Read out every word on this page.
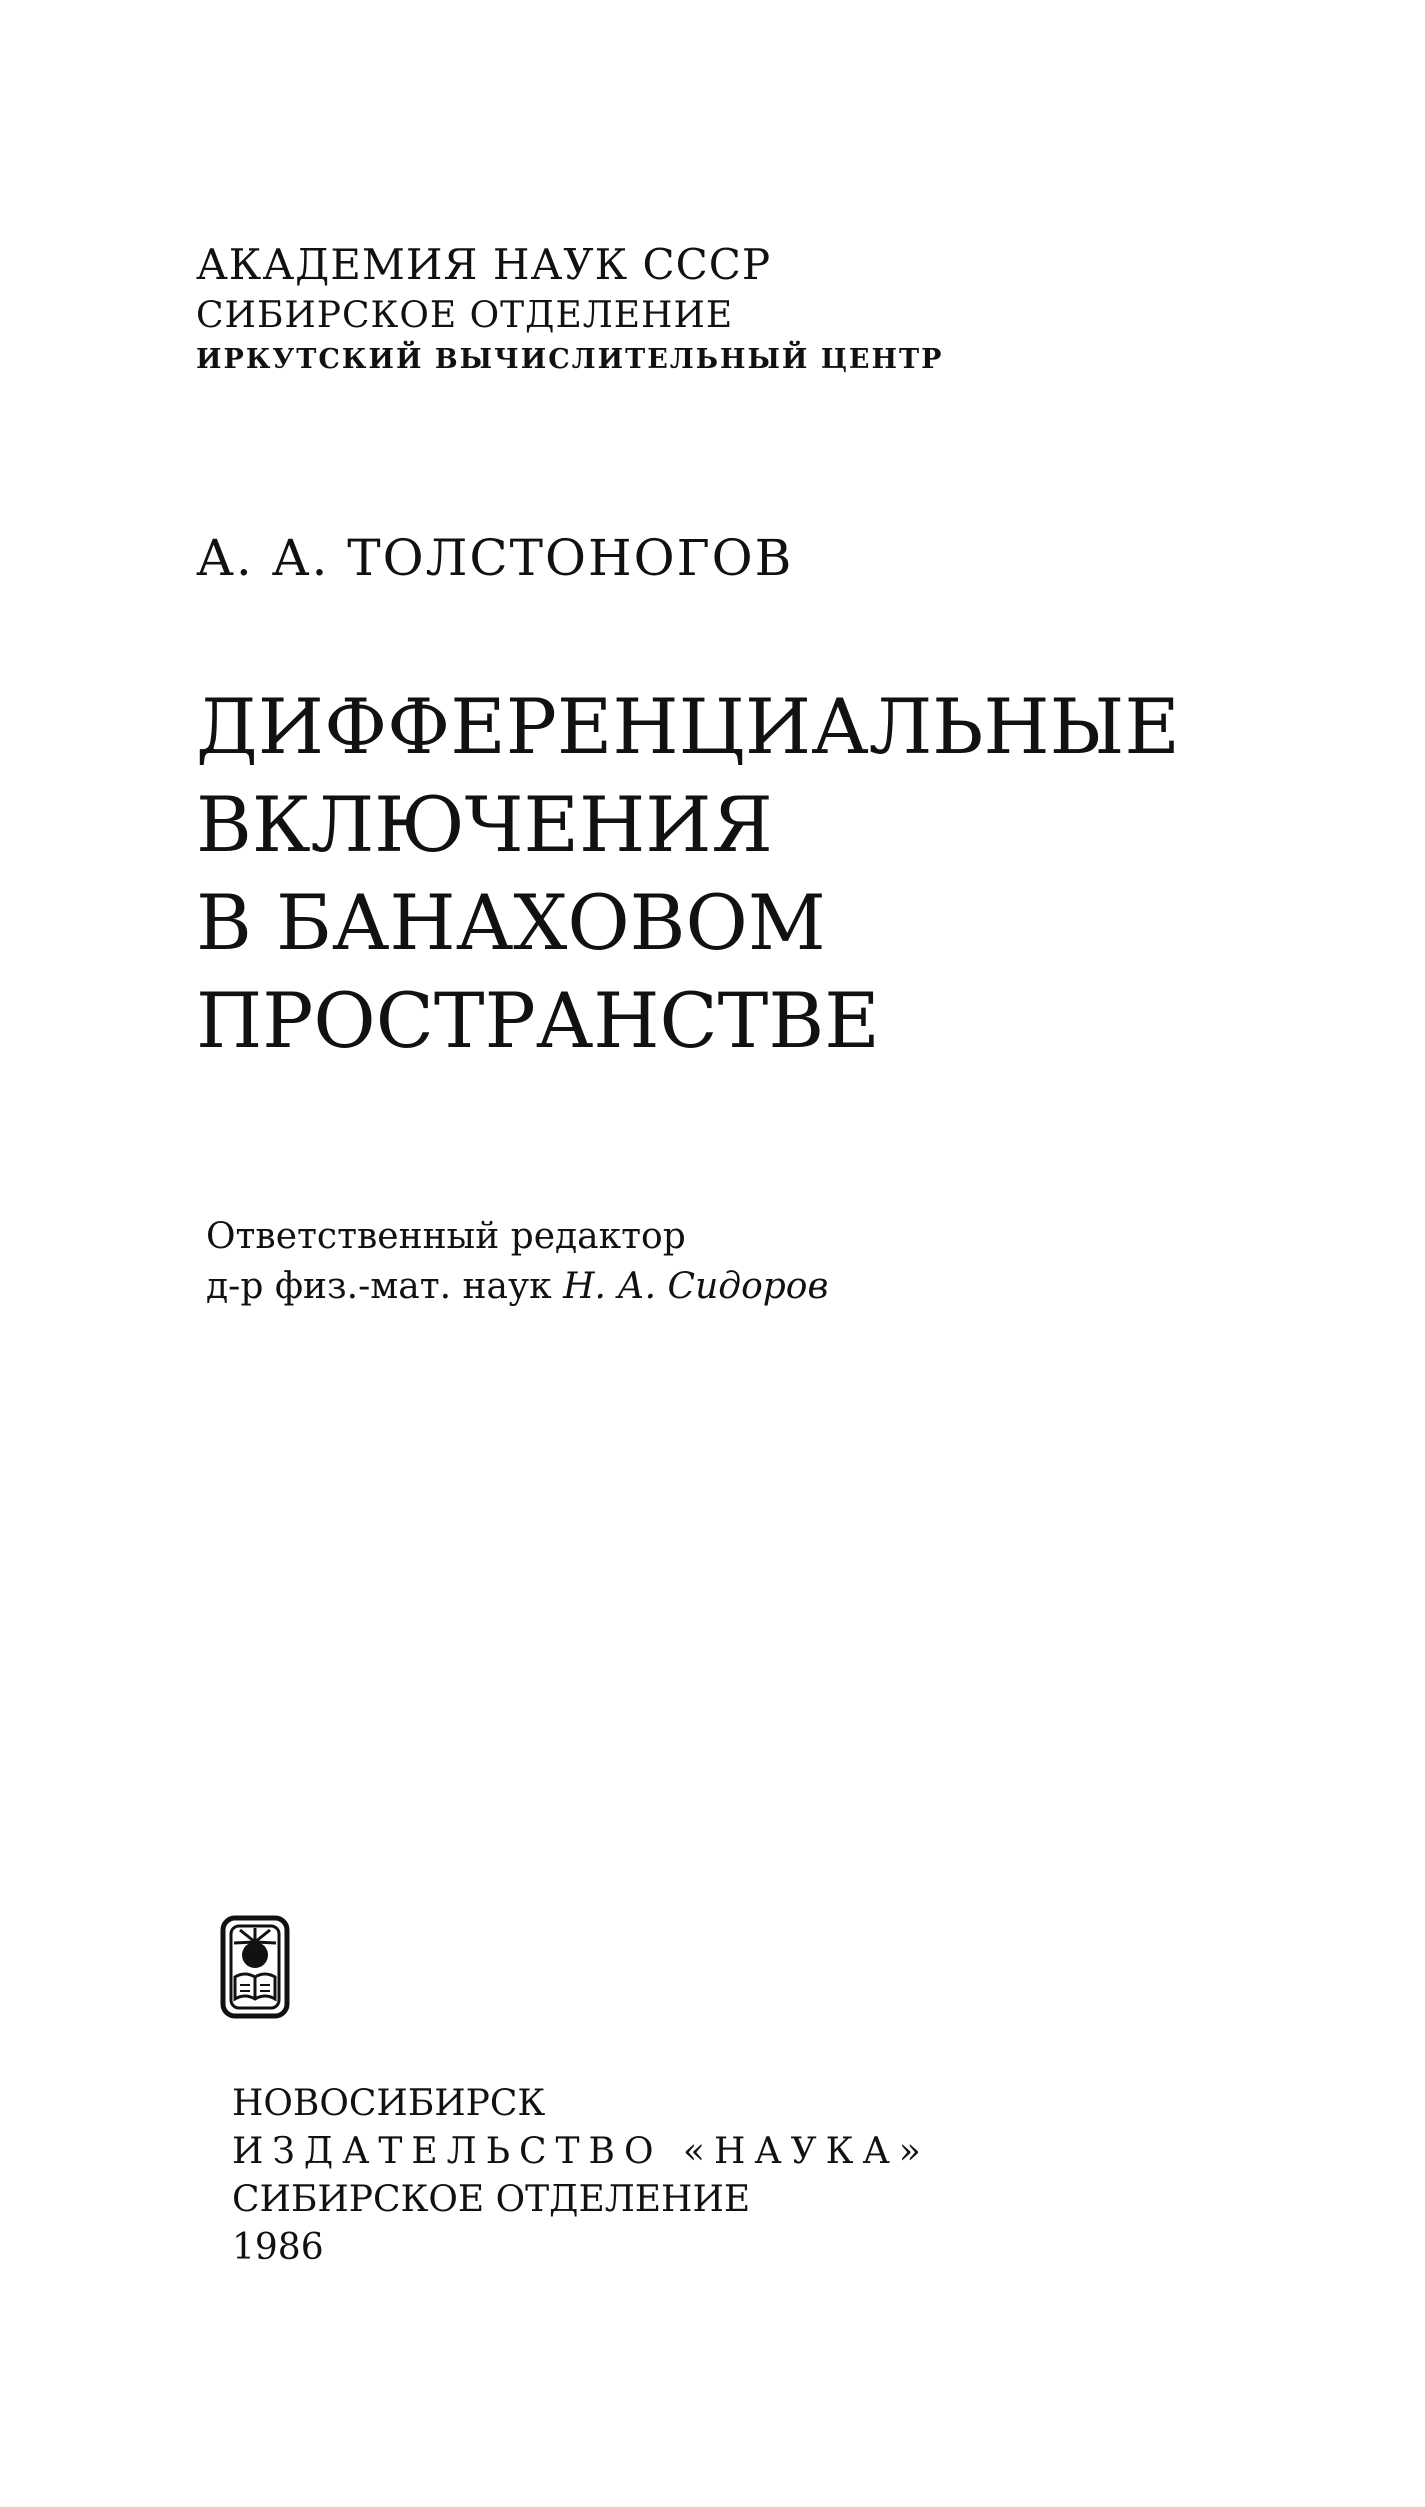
АКАДЕМИЯ НАУК СССР
СИБИРСКОЕ ОТДЕЛЕНИЕ
ИРКУТСКИЙ ВЫЧИСЛИТЕЛЬНЫЙ ЦЕНТР
А. А. ТОЛСТОНОГОВ
ДИФФЕРЕНЦИАЛЬНЫЕ
ВКЛЮЧЕНИЯ
В БАНАХОВОМ
ПРОСТРАНСТВЕ
Ответственный редактор
д-р физ.-мат. наук Н. А. Сидоров
НОВОСИБИРСК
ИЗДАТЕЛЬСТВО «НАУКА»
СИБИРСКОЕ ОТДЕЛЕНИЕ
1986
